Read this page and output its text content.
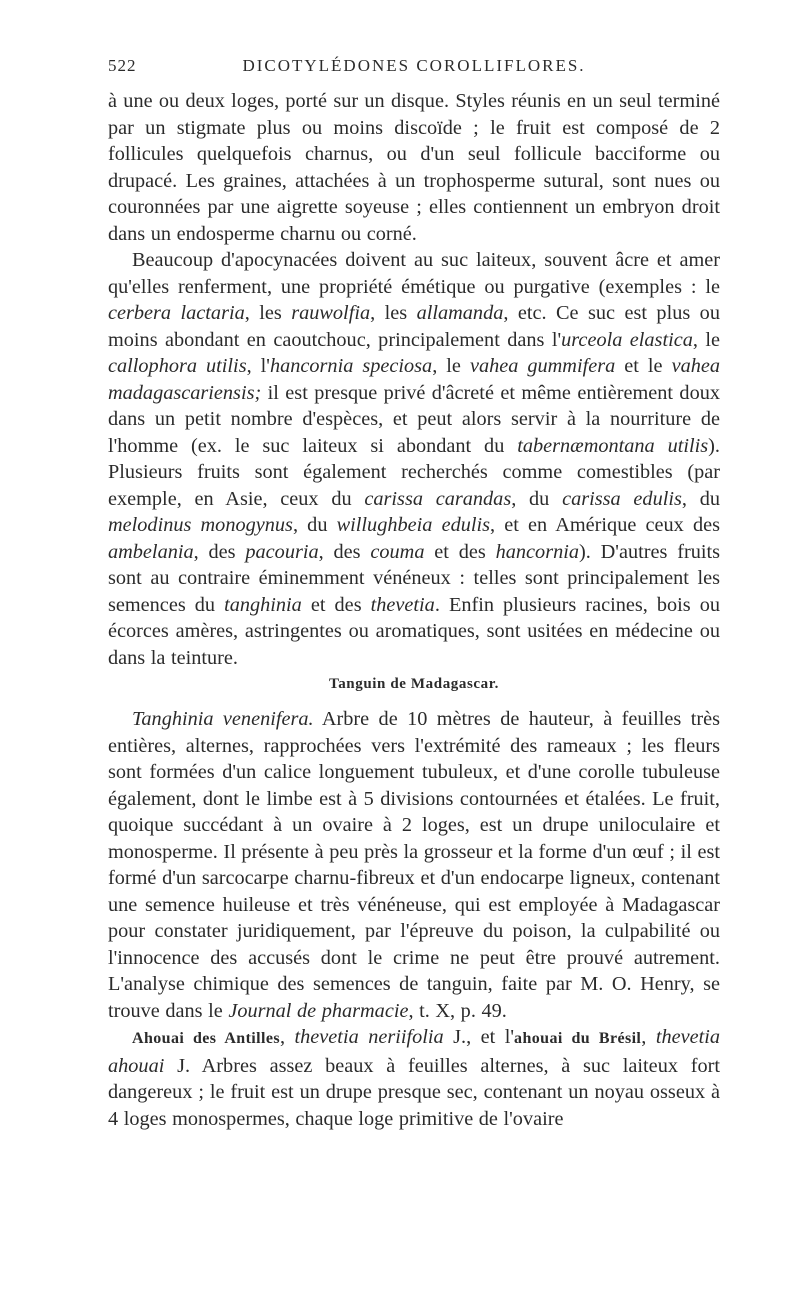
522	DICOTYLÉDONES COROLLIFLORES.

à une ou deux loges, porté sur un disque. Styles réunis en un seul terminé par un stigmate plus ou moins discoïde ; le fruit est composé de 2 follicules quelquefois charnus, ou d'un seul follicule bacciforme ou drupacé. Les graines, attachées à un trophosperme sutural, sont nues ou couronnées par une aigrette soyeuse ; elles contiennent un embryon droit dans un endosperme charnu ou corné.

Beaucoup d'apocynacées doivent au suc laiteux, souvent âcre et amer qu'elles renferment, une propriété émétique ou purgative (exemples : le cerbera lactaria, les rauwolfia, les allamanda, etc. Ce suc est plus ou moins abondant en caoutchouc, principalement dans l'urceola elastica, le callophora utilis, l'hancornia speciosa, le vahea gummifera et le vahea madagascariensis; il est presque privé d'âcreté et même entièrement doux dans un petit nombre d'espèces, et peut alors servir à la nourriture de l'homme (ex. le suc laiteux si abondant du tabernæmontana utilis). Plusieurs fruits sont également recherchés comme comestibles (par exemple, en Asie, ceux du carissa carandas, du carissa edulis, du melodinus monogynus, du willughbeia edulis, et en Amérique ceux des ambelania, des pacouria, des couma et des hancornia). D'autres fruits sont au contraire éminemment vénéneux : telles sont principalement les semences du tanghinia et des thevetia. Enfin plusieurs racines, bois ou écorces amères, astringentes ou aromatiques, sont usitées en médecine ou dans la teinture.

Tanguin de Madagascar.

Tanghinia venenifera. Arbre de 10 mètres de hauteur, à feuilles très entières, alternes, rapprochées vers l'extrémité des rameaux ; les fleurs sont formées d'un calice longuement tubuleux, et d'une corolle tubuleuse également, dont le limbe est à 5 divisions contournées et étalées. Le fruit, quoique succédant à un ovaire à 2 loges, est un drupe uniloculaire et monosperme. Il présente à peu près la grosseur et la forme d'un œuf ; il est formé d'un sarcocarpe charnu-fibreux et d'un endocarpe ligneux, contenant une semence huileuse et très vénéneuse, qui est employée à Madagascar pour constater juridiquement, par l'épreuve du poison, la culpabilité ou l'innocence des accusés dont le crime ne peut être prouvé autrement. L'analyse chimique des semences de tanguin, faite par M. O. Henry, se trouve dans le Journal de pharmacie, t. X, p. 49.

Ahouai des Antilles, thevetia neriifolia J., et l'ahouai du Brésil, thevetia ahouai J. Arbres assez beaux à feuilles alternes, à suc laiteux fort dangereux ; le fruit est un drupe presque sec, contenant un noyau osseux à 4 loges monospermes, chaque loge primitive de l'ovaire
